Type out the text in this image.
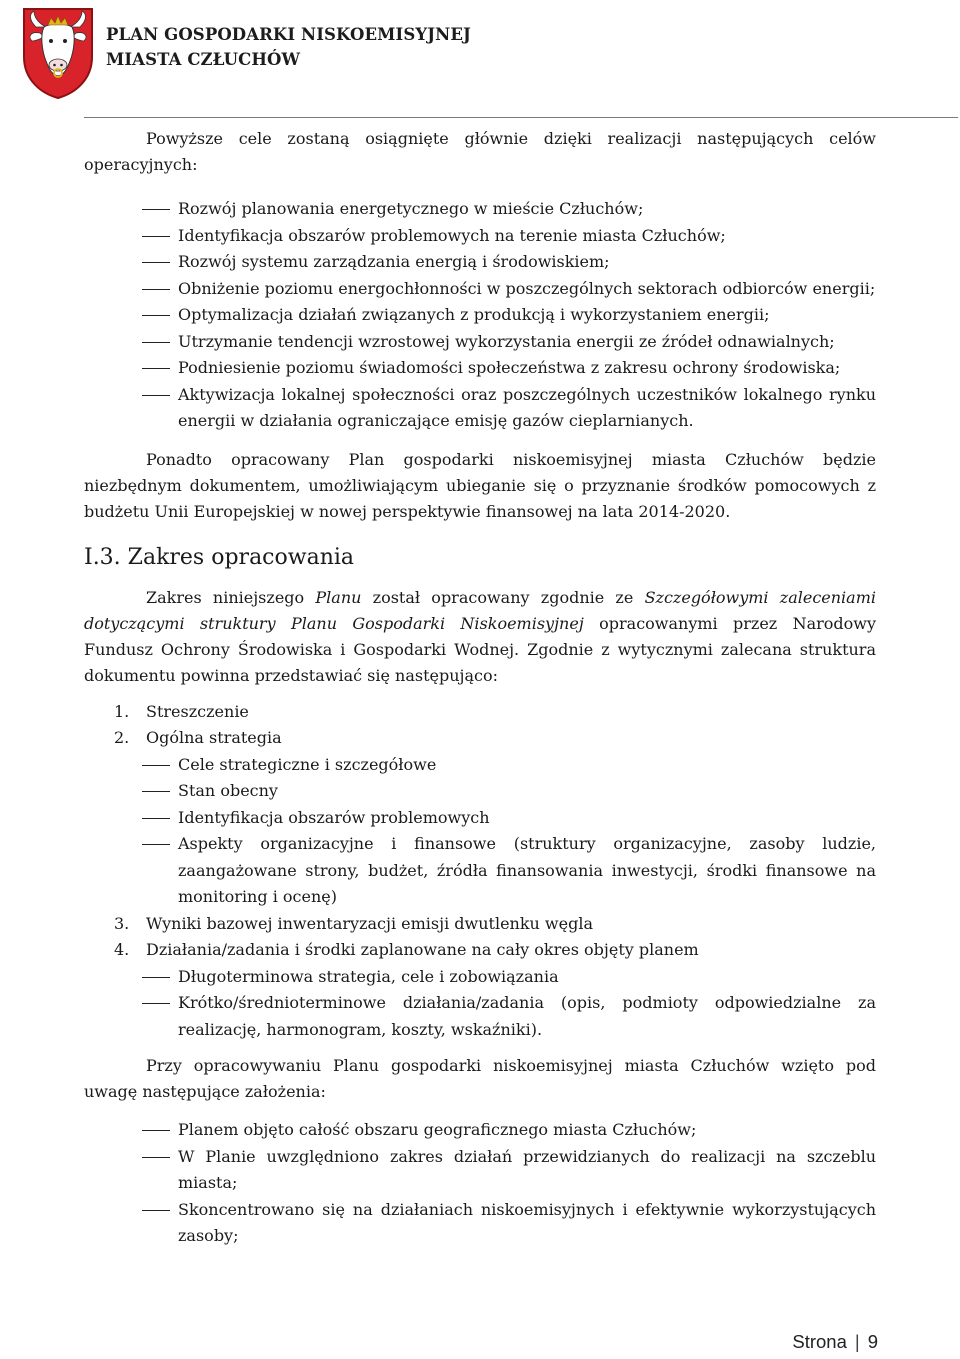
PLAN GOSPODARKI NISKOEMISYJNEJ
MIASTA CZŁUCHÓW

Powyższe cele zostaną osiągnięte głównie dzięki realizacji następujących celów operacyjnych:

Rozwój planowania energetycznego w mieście Człuchów;
Identyfikacja obszarów problemowych na terenie miasta Człuchów;
Rozwój systemu zarządzania energią i środowiskiem;
Obniżenie poziomu energochłonności w poszczególnych sektorach odbiorców energii;
Optymalizacja działań związanych z produkcją i wykorzystaniem energii;
Utrzymanie tendencji wzrostowej wykorzystania energii ze źródeł odnawialnych;
Podniesienie poziomu świadomości społeczeństwa z zakresu ochrony środowiska;
Aktywizacja lokalnej społeczności oraz poszczególnych uczestników lokalnego rynku energii w działania ograniczające emisję gazów cieplarnianych.

Ponadto opracowany Plan gospodarki niskoemisyjnej miasta Człuchów będzie niezbędnym dokumentem, umożliwiającym ubieganie się o przyznanie środków pomocowych z budżetu Unii Europejskiej w nowej perspektywie finansowej na lata 2014-2020.

I.3. Zakres opracowania

Zakres niniejszego Planu został opracowany zgodnie ze Szczegółowymi zaleceniami dotyczącymi struktury Planu Gospodarki Niskoemisyjnej opracowanymi przez Narodowy Fundusz Ochrony Środowiska i Gospodarki Wodnej. Zgodnie z wytycznymi zalecana struktura dokumentu powinna przedstawiać się następująco:

1. Streszczenie
2. Ogólna strategia
Cele strategiczne i szczegółowe
Stan obecny
Identyfikacja obszarów problemowych
Aspekty organizacyjne i finansowe (struktury organizacyjne, zasoby ludzie, zaangażowane strony, budżet, źródła finansowania inwestycji, środki finansowe na monitoring i ocenę)
3. Wyniki bazowej inwentaryzacji emisji dwutlenku węgla
4. Działania/zadania i środki zaplanowane na cały okres objęty planem
Długoterminowa strategia, cele i zobowiązania
Krótko/średnioterminowe działania/zadania (opis, podmioty odpowiedzialne za realizację, harmonogram, koszty, wskaźniki).

Przy opracowywaniu Planu gospodarki niskoemisyjnej miasta Człuchów wzięto pod uwagę następujące założenia:

Planem objęto całość obszaru geograficznego miasta Człuchów;
W Planie uwzględniono zakres działań przewidzianych do realizacji na szczeblu miasta;
Skoncentrowano się na działaniach niskoemisyjnych i efektywnie wykorzystujących zasoby;
Strona | 9
